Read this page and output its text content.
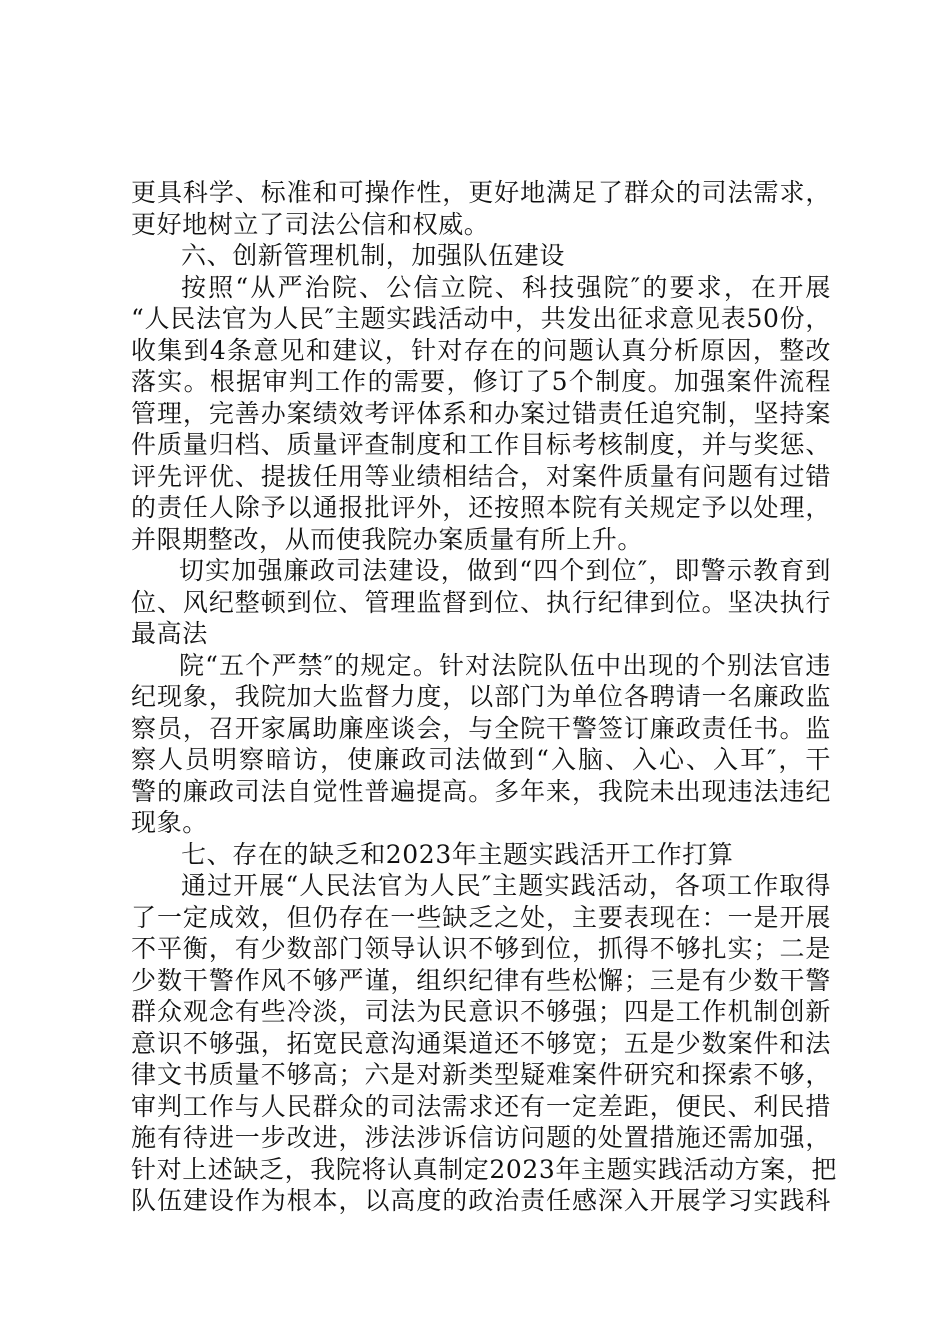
更具科学、标准和可操作性，更好地满足了群众的司法需求，
更好地树立了司法公信和权威。
六、创新管理机制，加强队伍建设
按照“从严治院、公信立院、科技强院″的要求，在开展
“人民法官为人民″主题实践活动中，共发出征求意见表50份，
收集到4条意见和建议，针对存在的问题认真分析原因，整改
落实。根据审判工作的需要，修订了5个制度。加强案件流程
管理，完善办案绩效考评体系和办案过错责任追究制，坚持案
件质量归档、质量评查制度和工作目标考核制度，并与奖惩、
评先评优、提拔任用等业绩相结合，对案件质量有问题有过错
的责任人除予以通报批评外，还按照本院有关规定予以处理，
并限期整改，从而使我院办案质量有所上升。
切实加强廉政司法建设，做到“四个到位″，即警示教育到
位、风纪整顿到位、管理监督到位、执行纪律到位。坚决执行
最高法
院“五个严禁″的规定。针对法院队伍中出现的个别法官违
纪现象，我院加大监督力度，以部门为单位各聘请一名廉政监
察员，召开家属助廉座谈会，与全院干警签订廉政责任书。监
察人员明察暗访，使廉政司法做到“入脑、入心、入耳″，干
警的廉政司法自觉性普遍提高。多年来，我院未出现违法违纪
现象。
七、存在的缺乏和2023年主题实践活开工作打算
通过开展“人民法官为人民″主题实践活动，各项工作取得
了一定成效，但仍存在一些缺乏之处，主要表现在：一是开展
不平衡，有少数部门领导认识不够到位，抓得不够扎实；二是
少数干警作风不够严谨，组织纪律有些松懈；三是有少数干警
群众观念有些冷淡，司法为民意识不够强；四是工作机制创新
意识不够强，拓宽民意沟通渠道还不够宽；五是少数案件和法
律文书质量不够高；六是对新类型疑难案件研究和探索不够，
审判工作与人民群众的司法需求还有一定差距，便民、利民措
施有待进一步改进，涉法涉诉信访问题的处置措施还需加强，
针对上述缺乏，我院将认真制定2023年主题实践活动方案，把
队伍建设作为根本，以高度的政治责任感深入开展学习实践科
